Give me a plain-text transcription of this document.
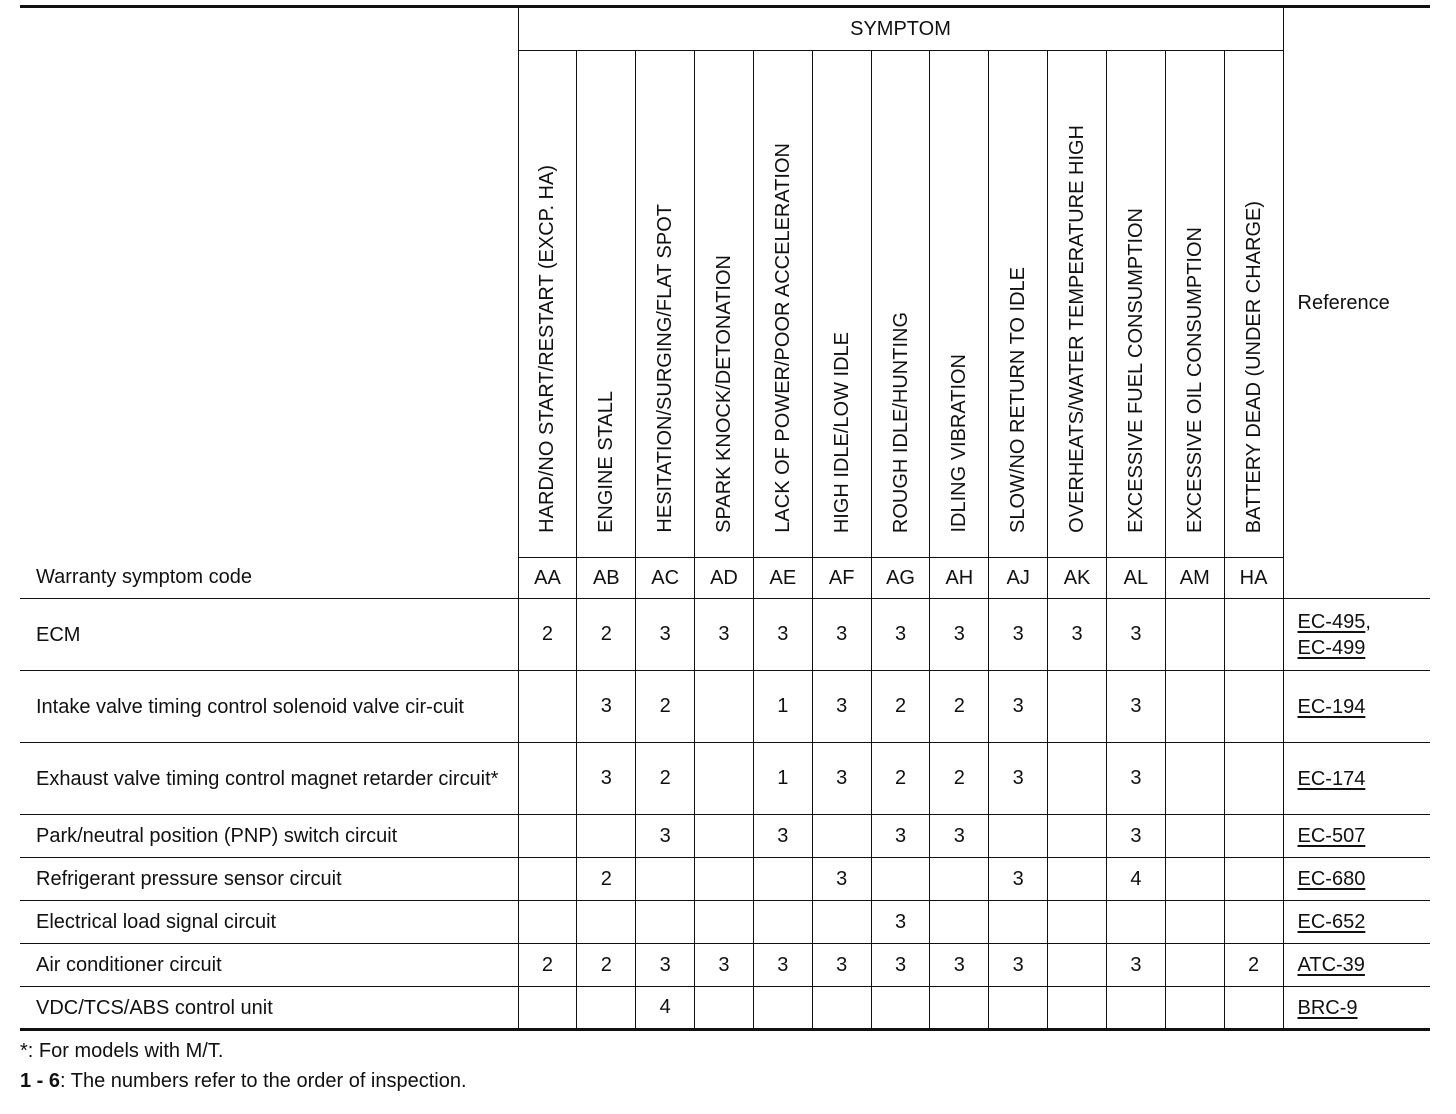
	SYMPTOM													Reference
	HARD/NO START/RESTART (EXCP. HA)	ENGINE STALL	HESITATION/SURGING/FLAT SPOT	SPARK KNOCK/DETONATION	LACK OF POWER/POOR ACCELERATION	HIGH IDLE/LOW IDLE	ROUGH IDLE/HUNTING	IDLING VIBRATION	SLOW/NO RETURN TO IDLE	OVERHEATS/WATER TEMPERATURE HIGH	EXCESSIVE FUEL CONSUMPTION	EXCESSIVE OIL CONSUMPTION	BATTERY DEAD (UNDER CHARGE)	
Warranty symptom code	AA	AB	AC	AD	AE	AF	AG	AH	AJ	AK	AL	AM	HA	
ECM	2	2	3	3	3	3	3	3	3	3	3			EC-495,
EC-499
Intake valve timing control solenoid valve cir-cuit		3	2		1	3	2	2	3		3			EC-194
Exhaust valve timing control magnet retarder circuit*		3	2		1	3	2	2	3		3			EC-174
Park/neutral position (PNP) switch circuit			3		3		3	3			3			EC-507
Refrigerant pressure sensor circuit		2				3			3		4			EC-680
Electrical load signal circuit							3							EC-652
Air conditioner circuit	2	2	3	3	3	3	3	3	3		3		2	ATC-39
VDC/TCS/ABS control unit			4											BRC-9
*: For models with M/T.
1 - 6: The numbers refer to the order of inspection.
